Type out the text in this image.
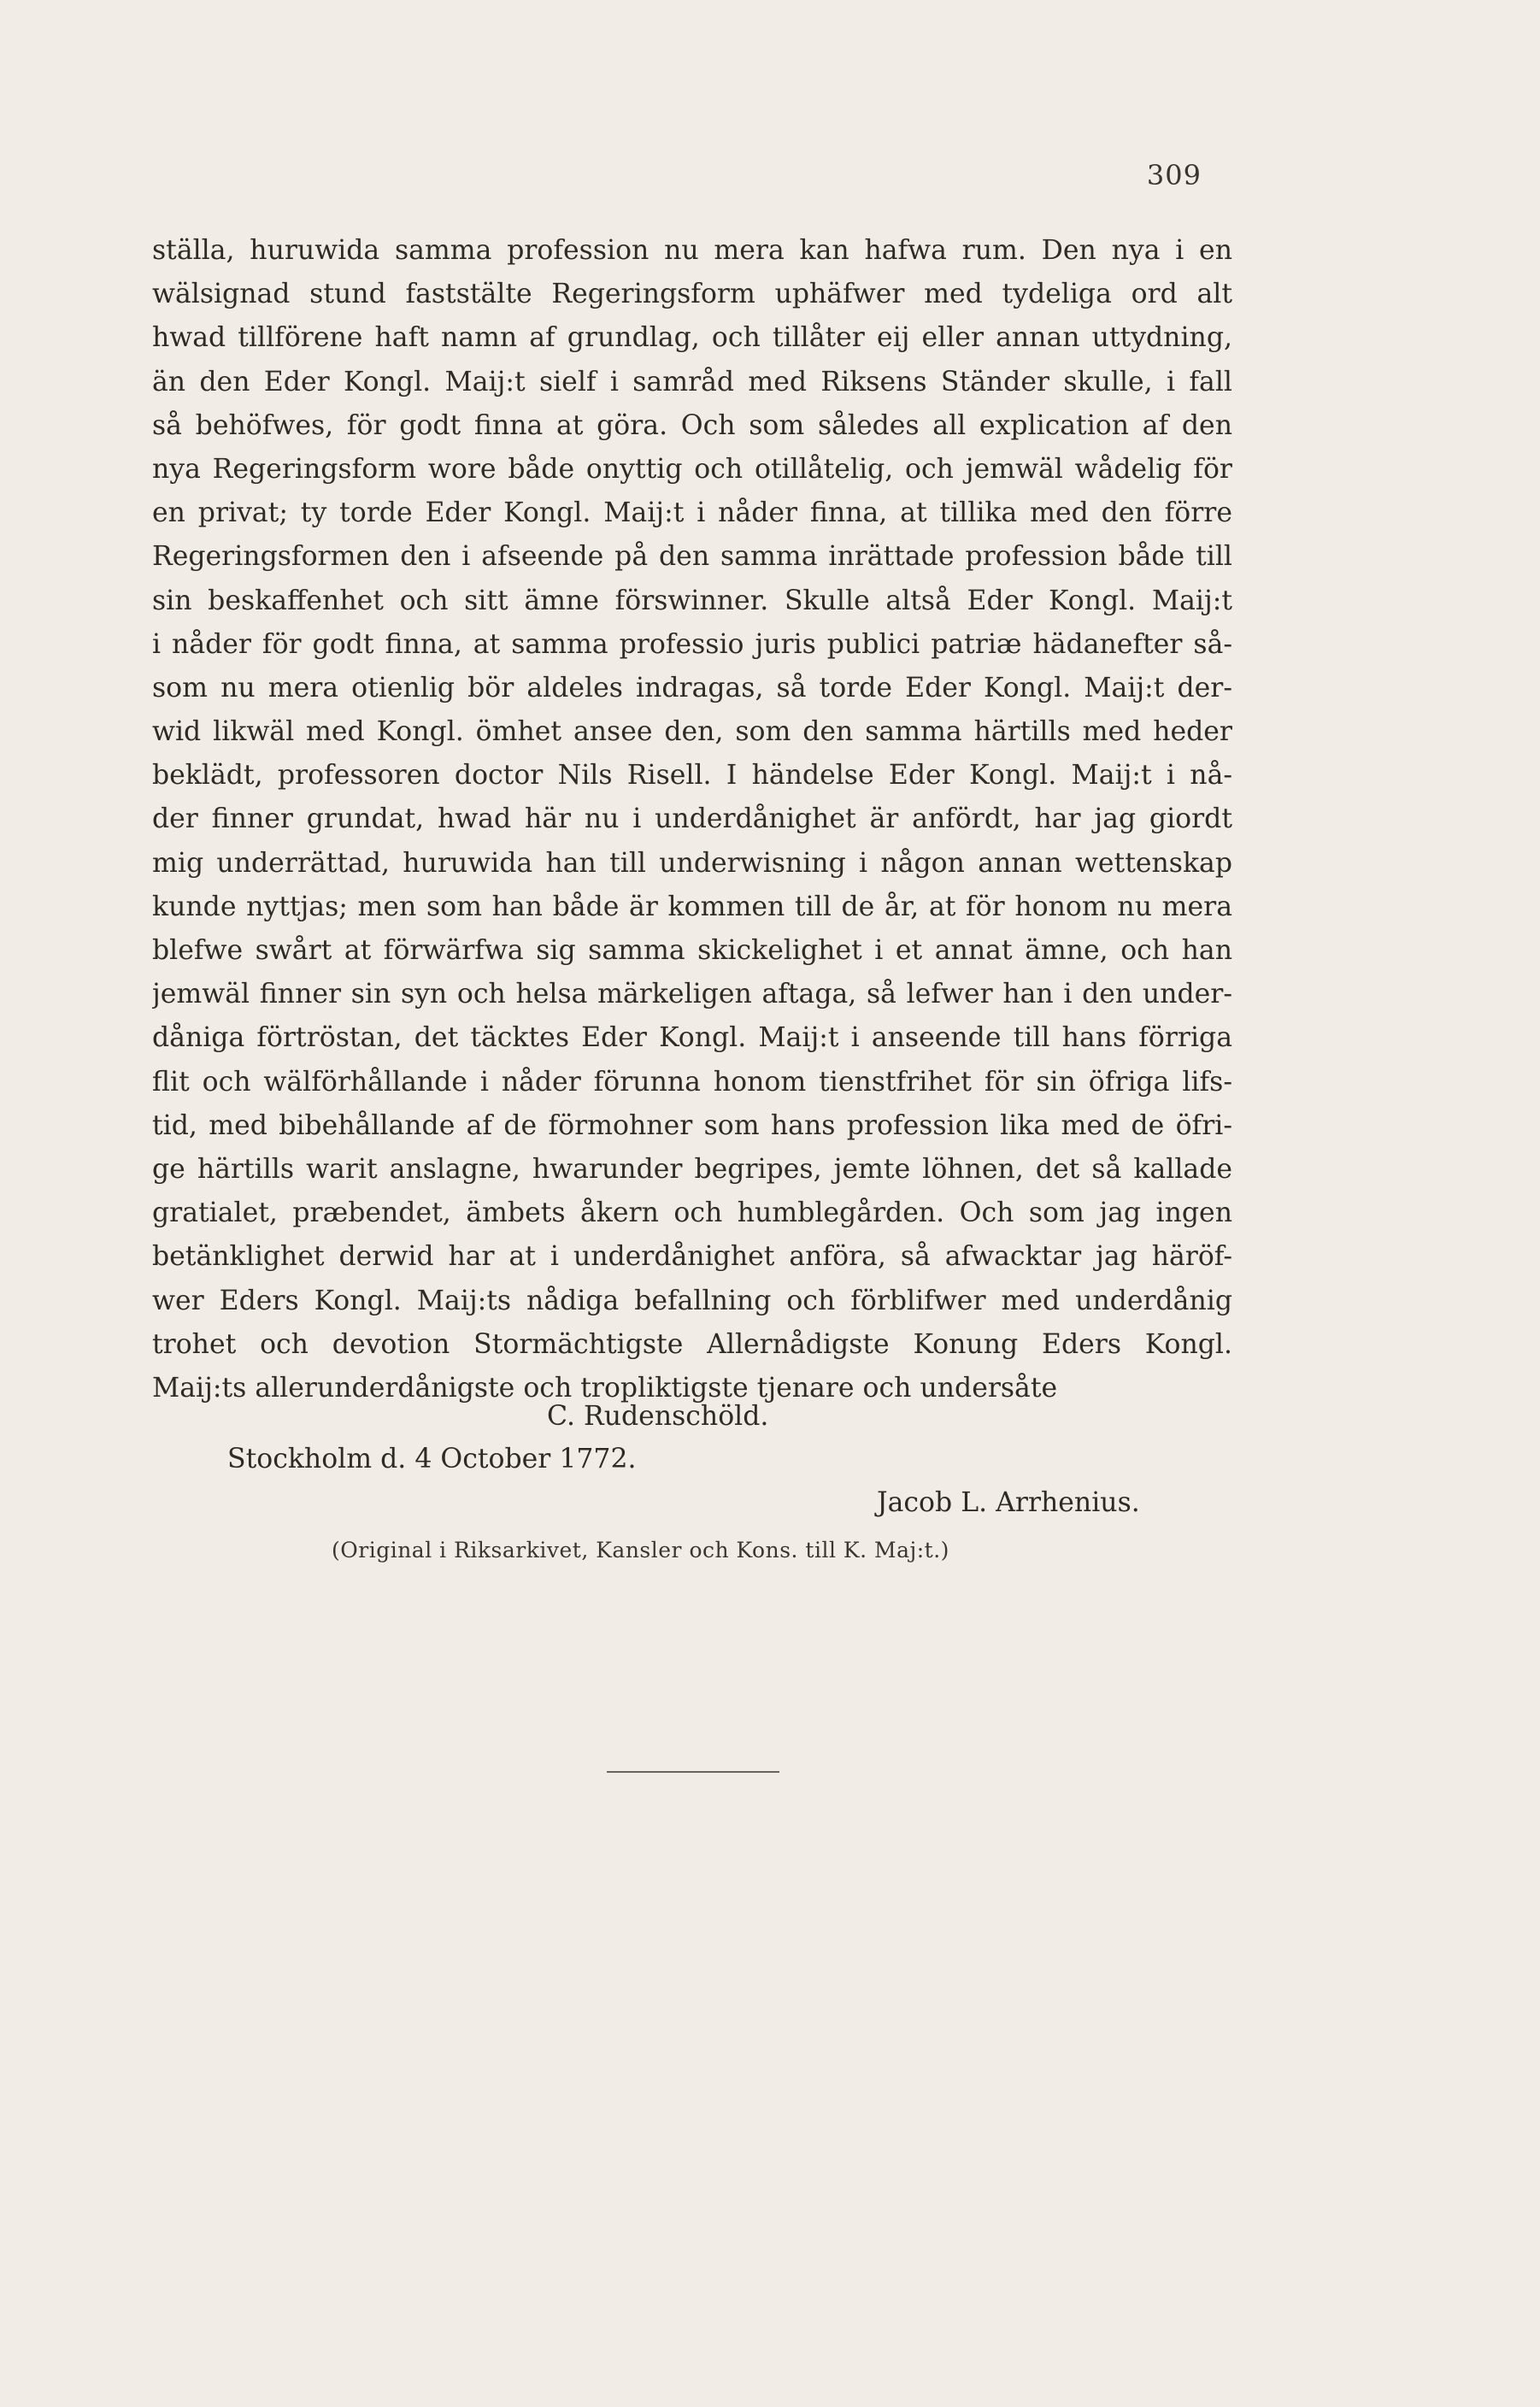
309
ställa, huruwida samma profession nu mera kan hafwa rum. Den nya i en
wälsignad stund faststälte Regeringsform uphäfwer med tydeliga ord alt
hwad tillförene haft namn af grundlag, och tillåter eij eller annan uttydning,
än den Eder Kongl. Maij:t sielf i samråd med Riksens Ständer skulle, i fall
så behöfwes, för godt finna at göra. Och som således all explication af den
nya Regeringsform wore både onyttig och otillåtelig, och jemwäl wådelig för
en privat; ty torde Eder Kongl. Maij:t i nåder finna, at tillika med den förre
Regeringsformen den i afseende på den samma inrättade profession både till
sin beskaffenhet och sitt ämne förswinner. Skulle altså Eder Kongl. Maij:t
i nåder för godt finna, at samma professio juris publici patriæ hädanefter så-
som nu mera otienlig bör aldeles indragas, så torde Eder Kongl. Maij:t der-
wid likwäl med Kongl. ömhet ansee den, som den samma härtills med heder
beklädt, professoren doctor Nils Risell. I händelse Eder Kongl. Maij:t i nå-
der finner grundat, hwad här nu i underdånighet är anfördt, har jag giordt
mig underrättad, huruwida han till underwisning i någon annan wettenskap
kunde nyttjas; men som han både är kommen till de år, at för honom nu mera
blefwe swårt at förwärfwa sig samma skickelighet i et annat ämne, och han
jemwäl finner sin syn och helsa märkeligen aftaga, så lefwer han i den under-
dåniga förtröstan, det täcktes Eder Kongl. Maij:t i anseende till hans förriga
flit och wälförhållande i nåder förunna honom tienstfrihet för sin öfriga lifs-
tid, med bibehållande af de förmohner som hans profession lika med de öfri-
ge härtills warit anslagne, hwarunder begripes, jemte löhnen, det så kallade
gratialet, præbendet, ämbets åkern och humblegården. Och som jag ingen
betänklighet derwid har at i underdånighet anföra, så afwacktar jag häröf-
wer Eders Kongl. Maij:ts nådiga befallning och förblifwer med underdånig
trohet och devotion Stormächtigste Allernådigste Konung Eders Kongl.
Maij:ts allerunderdånigste och tropliktigste tjenare och undersåte
C. Rudenschöld.
Stockholm d. 4 October 1772.
Jacob L. Arrhenius.
(Original i Riksarkivet, Kansler och Kons. till K. Maj:t.)
